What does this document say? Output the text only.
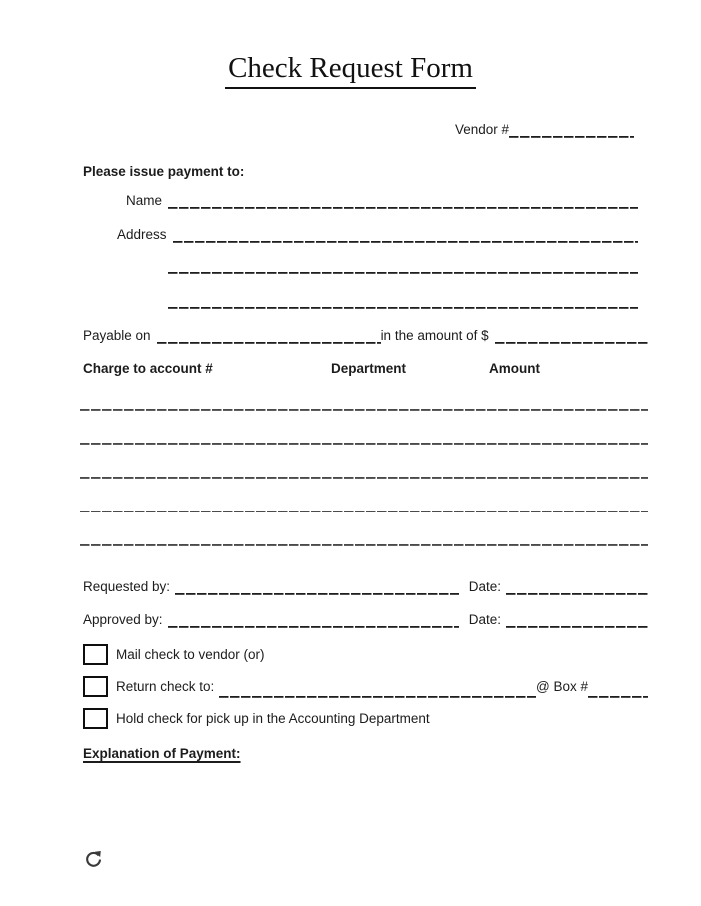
Check Request Form
Vendor #
Please issue payment to:
Name
Address
Payable on	in the amount of $
Charge to account #	Department	Amount
Requested by:	Date:
Approved by:	Date:
Mail check to vendor (or)
Return check to:	@ Box #
Hold check for pick up in the Accounting Department
Explanation of Payment:
